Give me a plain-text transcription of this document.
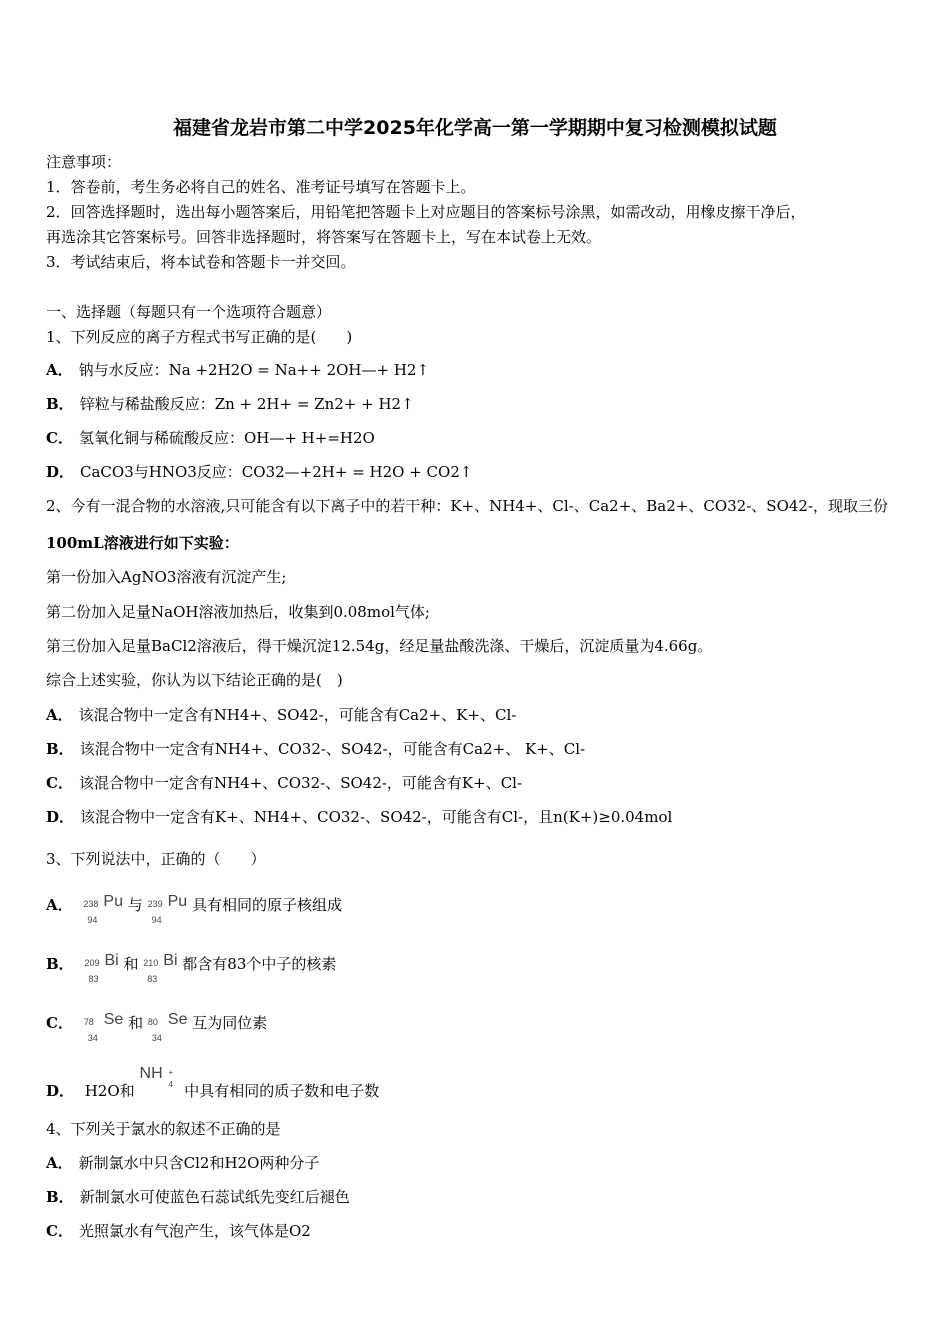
福建省龙岩市第二中学2025年化学高一第一学期期中复习检测模拟试题
注意事项：
1．答卷前，考生务必将自己的姓名、准考证号填写在答题卡上。
2．回答选择题时，选出每小题答案后，用铅笔把答题卡上对应题目的答案标号涂黑，如需改动，用橡皮擦干净后，
再选涂其它答案标号。回答非选择题时，将答案写在答题卡上，写在本试卷上无效。
3．考试结束后，将本试卷和答题卡一并交回。
一、选择题（每题只有一个选项符合题意）
1、下列反应的离子方程式书写正确的是(　　)
A． 钠与水反应：Na +2H2O = Na++ 2OH—+ H2↑
B． 锌粒与稀盐酸反应：Zn + 2H+ = Zn2+ + H2↑
C． 氢氧化铜与稀硫酸反应：OH—+ H+=H2O
D． CaCO3与HNO3反应：CO32—+2H+ = H2O + CO2↑
2、今有一混合物的水溶液,只可能含有以下离子中的若干种：K+、NH4+、Cl-、Ca2+、Ba2+、CO32-、SO42-，现取三份
100mL溶液进行如下实验：
第一份加入AgNO3溶液有沉淀产生;
第二份加入足量NaOH溶液加热后，收集到0.08mol气体;
第三份加入足量BaCl2溶液后，得干燥沉淀12.54g，经足量盐酸洗涤、干燥后，沉淀质量为4.66g。
综合上述实验，你认为以下结论正确的是(　)
A． 该混合物中一定含有NH4+、SO42-，可能含有Ca2+、K+、Cl-
B． 该混合物中一定含有NH4+、CO32-、SO42-，可能含有Ca2+、 K+、Cl-
C． 该混合物中一定含有NH4+、CO32-、SO42-，可能含有K+、Cl-
D． 该混合物中一定含有K+、NH4+、CO32-、SO42-，可能含有Cl-，且n(K+)≥0.04mol
3、下列说法中，正确的（　　）
A． 238
94
Pu 与 239
94
Pu 具有相同的原子核组成
B． 209
83
Bi 和 210
83
Bi 都含有83个中子的核素
C． 78
34
Se 和 80
34
Se 互为同位素
D． H2O和
NH +
4 中具有相同的质子数和电子数
4、下列关于氯水的叙述不正确的是
A． 新制氯水中只含Cl2和H2O两种分子
B． 新制氯水可使蓝色石蕊试纸先变红后褪色
C． 光照氯水有气泡产生，该气体是O2
